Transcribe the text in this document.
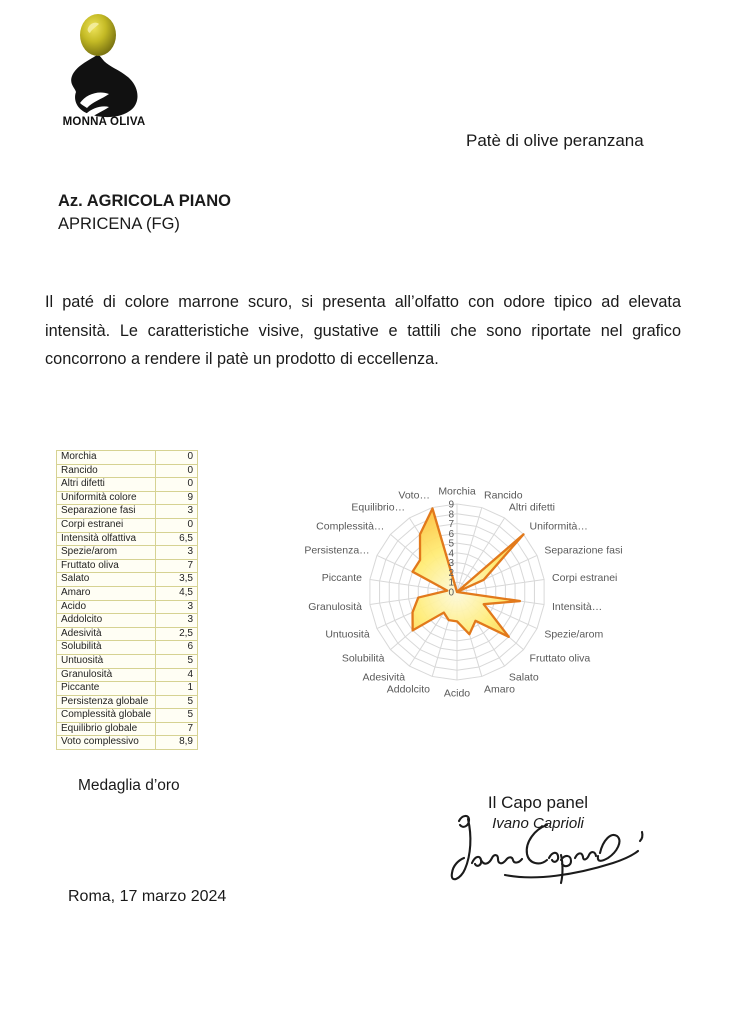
MONNA OLIVA
Patè di olive peranzana
Az. AGRICOLA PIANO
APRICENA (FG)

Il paté di colore marrone scuro, si presenta all’olfatto con odore tipico ad elevata intensità. Le caratteristiche visive, gustative e tattili che sono riportate nel grafico concorrono a rendere il patè un prodotto di eccellenza.

Morchia	0
Rancido	0
Altri difetti	0
Uniformità colore	9
Separazione fasi	3
Corpi estranei	0
Intensità olfattiva	6,5
Spezie/arom	3
Fruttato oliva	7
Salato	3,5
Amaro	4,5
Acido	3
Addolcito	3
Adesività	2,5
Solubilità	6
Untuosità	5
Granulosità	4
Piccante	1
Persistenza globale	5
Complessità globale	5
Equilibrio globale	7
Voto complessivo	8,9
0
1
2
3
4
5
6
7
8
9
Morchia Rancido
Altri difetti
Uniformità…
Separazione fasi
Corpi estranei
Intensità…
Spezie/arom
Fruttato oliva
Salato
Amaro
Acido
Addolcito
Adesività
Solubilità
Untuosità
Granulosità
Piccante
Persistenza…
Complessità…
Equilibrio…
Voto…
Medaglia d’oro
Il Capo panel
Ivano Caprioli
Roma, 17 marzo 2024
